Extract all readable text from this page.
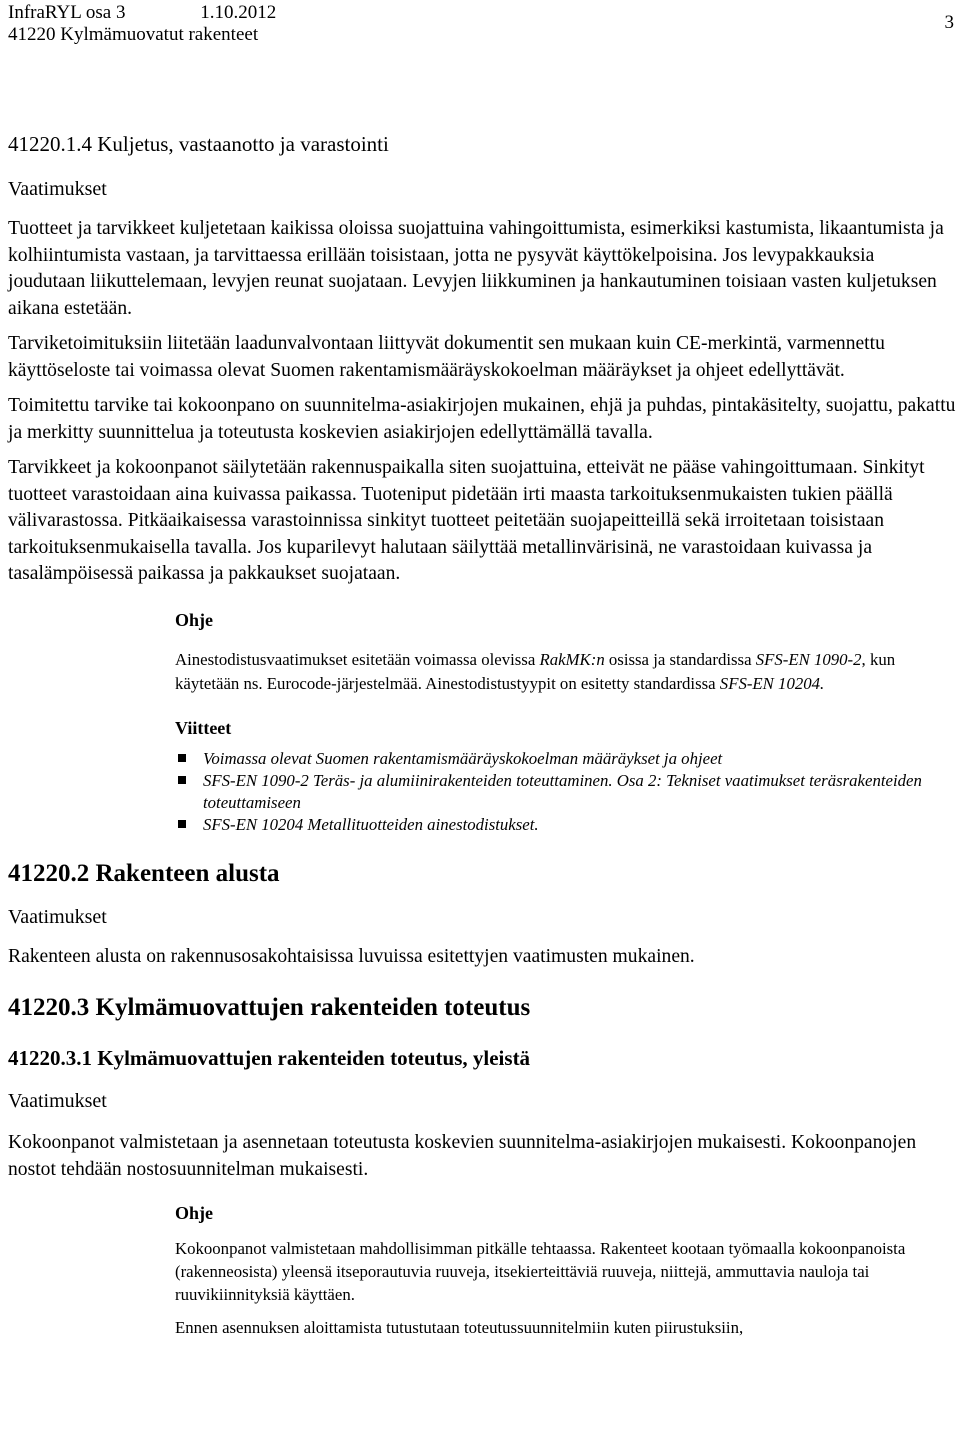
InfraRYL osa 3	1.10.2012
41220 Kylmämuovatut rakenteet
3
41220.1.4 Kuljetus, vastaanotto ja varastointi
Vaatimukset

Tuotteet ja tarvikkeet kuljetetaan kaikissa oloissa suojattuina vahingoittumista, esimerkiksi kastumista, likaantumista ja kolhiintumista vastaan, ja tarvittaessa erillään toisistaan, jotta ne pysyvät käyttökelpoisina. Jos levypakkauksia joudutaan liikuttelemaan, levyjen reunat suojataan. Levyjen liikkuminen ja hankautuminen toisiaan vasten kuljetuksen aikana estetään.

Tarviketoimituksiin liitetään laadunvalvontaan liittyvät dokumentit sen mukaan kuin CE-merkintä, varmennettu käyttöseloste tai voimassa olevat Suomen rakentamismääräyskokoelman määräykset ja ohjeet edellyttävät.

Toimitettu tarvike tai kokoonpano on suunnitelma-asiakirjojen mukainen, ehjä ja puhdas, pintakäsitelty, suojattu, pakattu ja merkitty suunnittelua ja toteutusta koskevien asiakirjojen edellyttämällä tavalla.

Tarvikkeet ja kokoonpanot säilytetään rakennuspaikalla siten suojattuina, etteivät ne pääse vahingoittumaan. Sinkityt tuotteet varastoidaan aina kuivassa paikassa. Tuoteniput pidetään irti maasta tarkoituksenmukaisten tukien päällä välivarastossa. Pitkäaikaisessa varastoinnissa sinkityt tuotteet peitetään suojapeitteillä sekä irroitetaan toisistaan tarkoituksenmukaisella tavalla. Jos kuparilevyt halutaan säilyttää metallinvärisinä, ne varastoidaan kuivassa ja tasalämpöisessä paikassa ja pakkaukset suojataan.

Ohje

Ainestodistusvaatimukset esitetään voimassa olevissa RakMK:n osissa ja standardissa SFS-EN 1090-2, kun käytetään ns. Eurocode-järjestelmää. Ainestodistustyypit on esitetty standardissa SFS-EN 10204.

Viitteet
Voimassa olevat Suomen rakentamismääräyskokoelman määräykset ja ohjeet
SFS-EN 1090-2 Teräs- ja alumiinirakenteiden toteuttaminen. Osa 2: Tekniset vaatimukset teräsrakenteiden toteuttamiseen
SFS-EN 10204 Metallituotteiden ainestodistukset.
41220.2 Rakenteen alusta
Vaatimukset

Rakenteen alusta on rakennusosakohtaisissa luvuissa esitettyjen vaatimusten mukainen.

41220.3 Kylmämuovattujen rakenteiden toteutus
41220.3.1 Kylmämuovattujen rakenteiden toteutus, yleistä
Vaatimukset

Kokoonpanot valmistetaan ja asennetaan toteutusta koskevien suunnitelma-asiakirjojen mukaisesti. Kokoonpanojen nostot tehdään nostosuunnitelman mukaisesti.

Ohje

Kokoonpanot valmistetaan mahdollisimman pitkälle tehtaassa. Rakenteet kootaan työmaalla kokoonpanoista (rakenneosista) yleensä itseporautuvia ruuveja, itsekierteittäviä ruuveja, niittejä, ammuttavia nauloja tai ruuvikiinnityksiä käyttäen.

Ennen asennuksen aloittamista tutustutaan toteutussuunnitelmiin kuten piirustuksiin,
